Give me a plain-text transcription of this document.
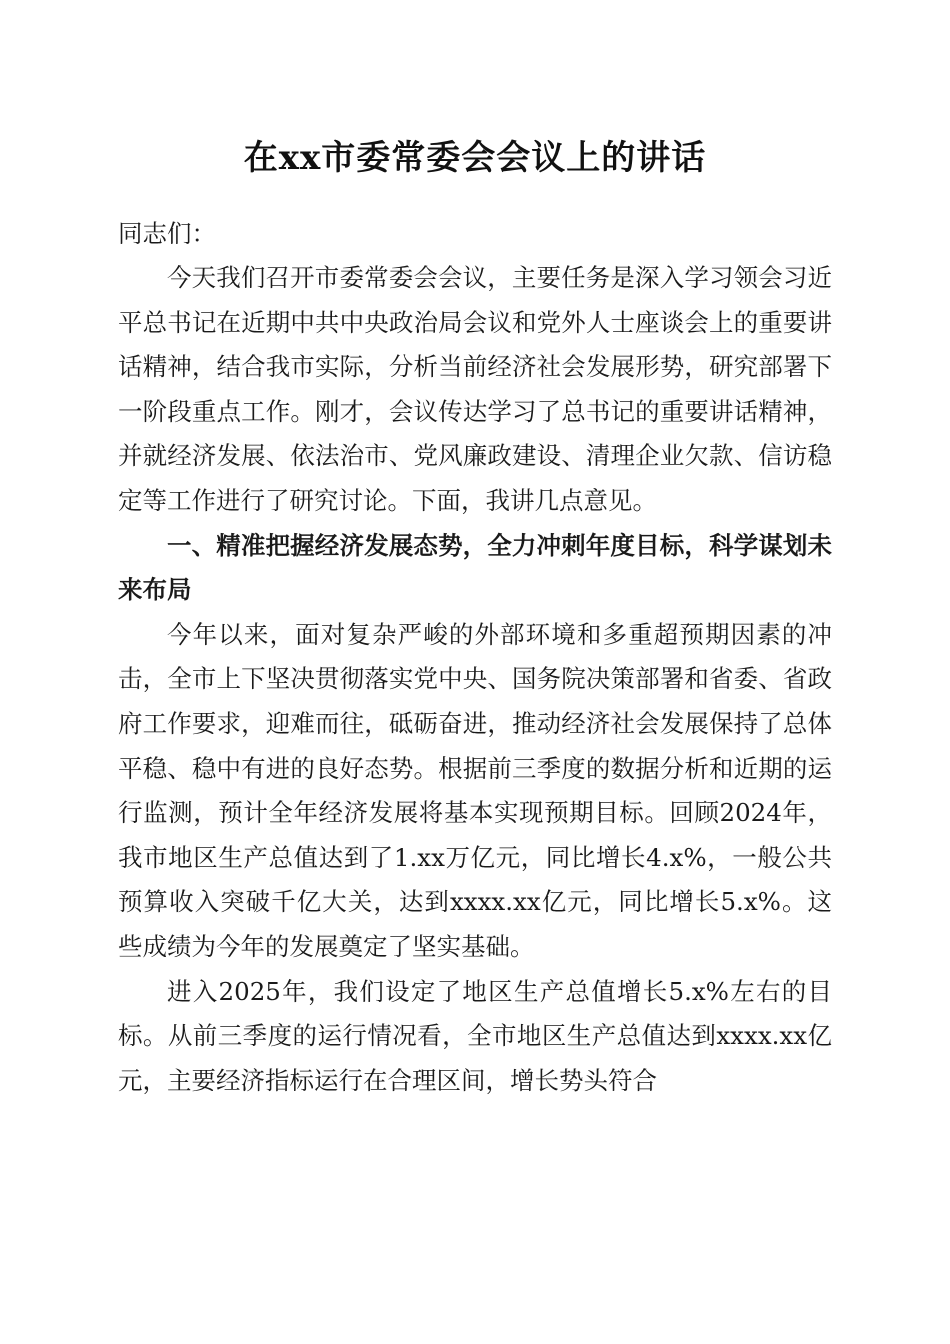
在xx市委常委会会议上的讲话

同志们：

今天我们召开市委常委会会议，主要任务是深入学习领会习近平总书记在近期中共中央政治局会议和党外人士座谈会上的重要讲话精神，结合我市实际，分析当前经济社会发展形势，研究部署下一阶段重点工作。刚才，会议传达学习了总书记的重要讲话精神，并就经济发展、依法治市、党风廉政建设、清理企业欠款、信访稳定等工作进行了研究讨论。下面，我讲几点意见。

一、精准把握经济发展态势，全力冲刺年度目标，科学谋划未来布局

今年以来，面对复杂严峻的外部环境和多重超预期因素的冲击，全市上下坚决贯彻落实党中央、国务院决策部署和省委、省政府工作要求，迎难而往，砥砺奋进，推动经济社会发展保持了总体平稳、稳中有进的良好态势。根据前三季度的数据分析和近期的运行监测，预计全年经济发展将基本实现预期目标。回顾2024年，我市地区生产总值达到了1.xx万亿元，同比增长4.x%，一般公共预算收入突破千亿大关，达到xxxx.xx亿元，同比增长5.x%。这些成绩为今年的发展奠定了坚实基础。

进入2025年，我们设定了地区生产总值增长5.x%左右的目标。从前三季度的运行情况看，全市地区生产总值达到xxxx.xx亿元，主要经济指标运行在合理区间，增长势头符合
